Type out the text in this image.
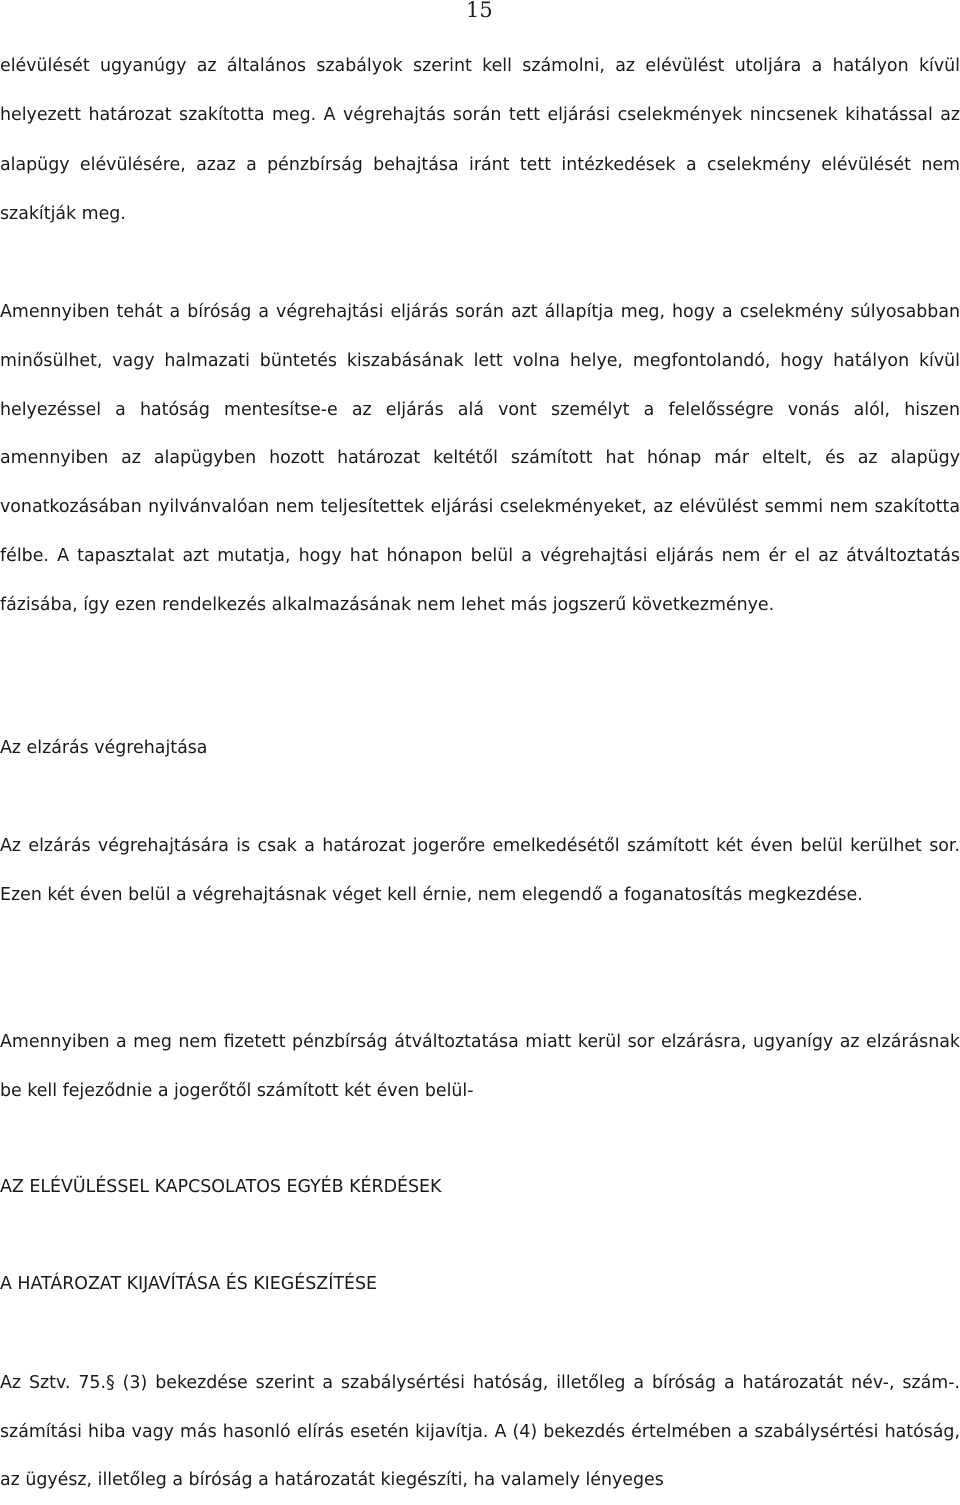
15

elévülését ugyanúgy az általános szabályok szerint kell számolni, az elévülést utoljára a hatályon kívül helyezett határozat szakította meg. A végrehajtás során tett eljárási cselekmények nincsenek kihatással az alapügy elévülésére, azaz a pénzbírság behajtása iránt tett intézkedések a cselekmény elévülését nem szakítják meg.

Amennyiben tehát a bíróság a végrehajtási eljárás során azt állapítja meg, hogy a cselekmény súlyosabban minősülhet, vagy halmazati büntetés kiszabásának lett volna helye, megfontolandó, hogy hatályon kívül helyezéssel a hatóság mentesítse-e az eljárás alá vont személyt a felelősségre vonás alól, hiszen amennyiben az alapügyben hozott határozat keltétől számított hat hónap már eltelt, és az alapügy vonatkozásában nyilvánvalóan nem teljesítettek eljárási cselekményeket, az elévülést semmi nem szakította félbe. A tapasztalat azt mutatja, hogy hat hónapon belül a végrehajtási eljárás nem ér el az átváltoztatás fázisába, így ezen rendelkezés alkalmazásának nem lehet más jogszerű következménye.

Az elzárás végrehajtása

Az elzárás végrehajtására is csak a határozat jogerőre emelkedésétől számított két éven belül kerülhet sor. Ezen két éven belül a végrehajtásnak véget kell érnie, nem elegendő a foganatosítás megkezdése.

Amennyiben a meg nem fizetett pénzbírság átváltoztatása miatt kerül sor elzárásra, ugyanígy az elzárásnak be kell fejeződnie a jogerőtől számított két éven belül-

AZ ELÉVÜLÉSSEL KAPCSOLATOS EGYÉB KÉRDÉSEK
A HATÁROZAT KIJAVÍTÁSA ÉS KIEGÉSZÍTÉSE

Az Sztv. 75.§ (3) bekezdése szerint a szabálysértési hatóság, illetőleg a bíróság a határozatát név-, szám-. számítási hiba vagy más hasonló elírás esetén kijavítja. A (4) bekezdés értelmében a szabálysértési hatóság, az ügyész, illetőleg a bíróság a határozatát kiegészíti, ha valamely lényeges
